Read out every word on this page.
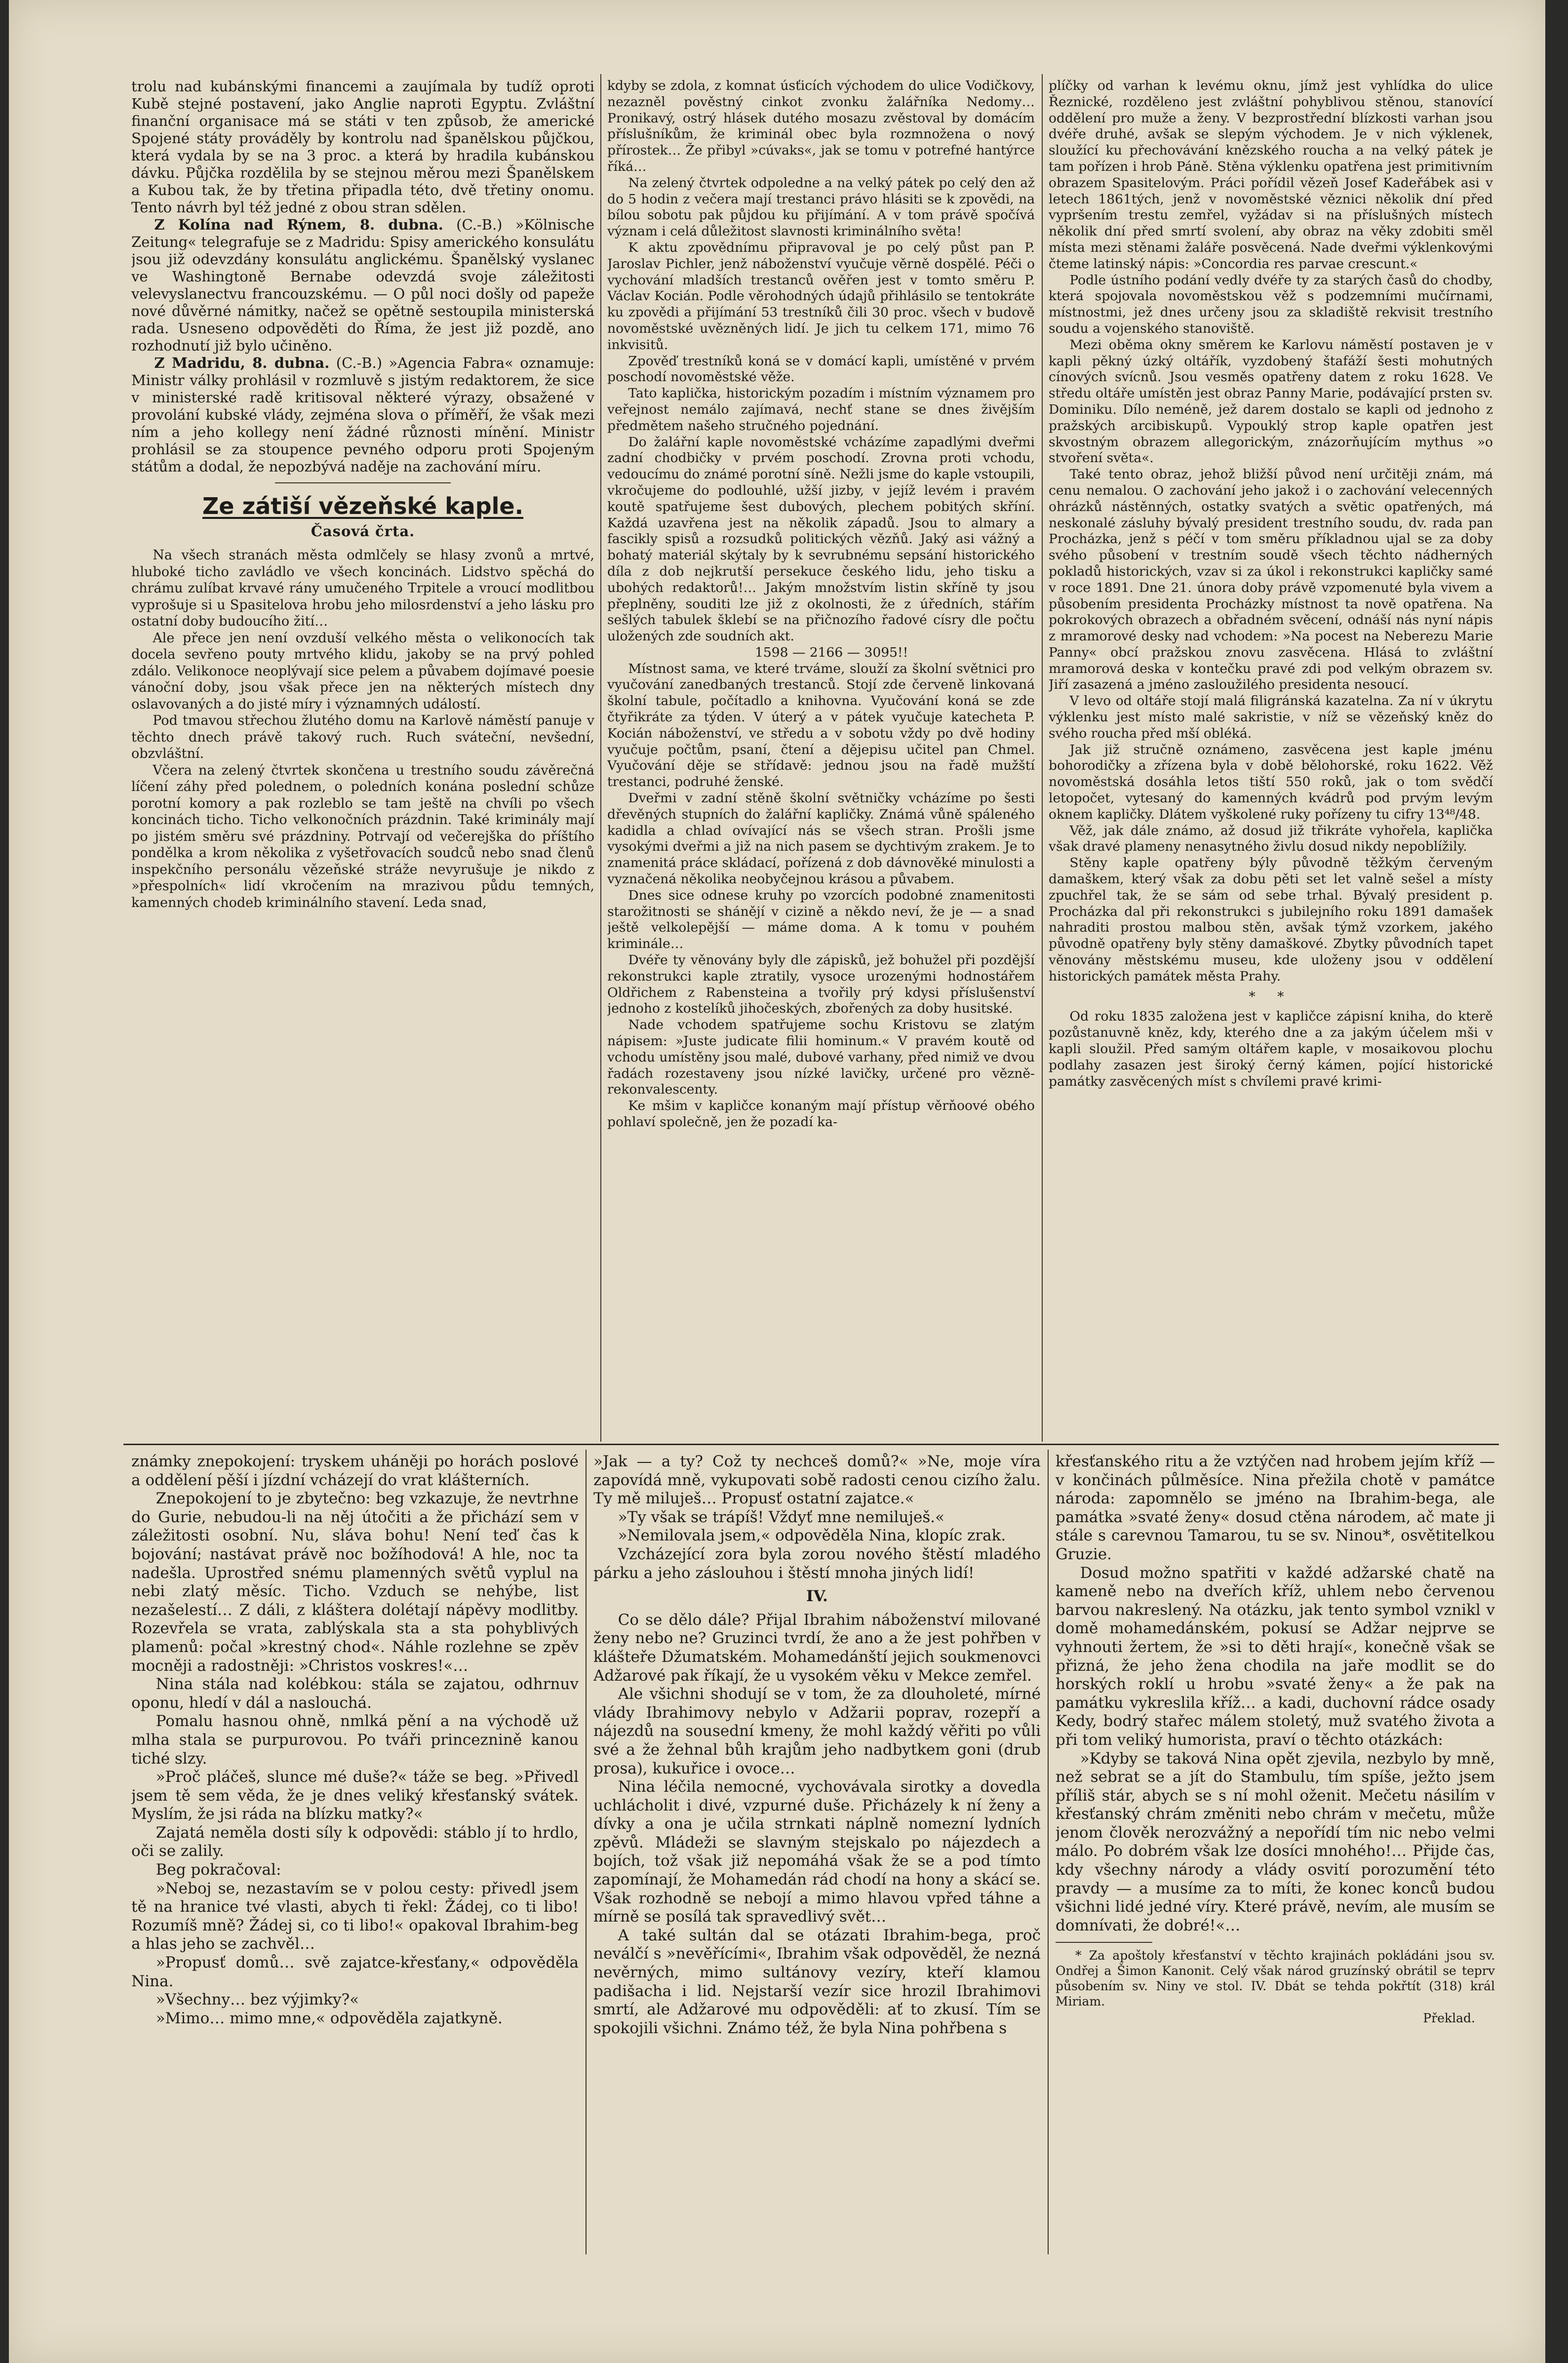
trolu nad kubánskými financemi a zaujímala by tudíž oproti Kubě stejné postavení, jako Anglie naproti Egyptu. Zvláštní finanční organisace má se státi v ten způsob, že americké Spojené státy prováděly by kontrolu nad španělskou půjčkou, která vydala by se na 3 proc. a která by hradila kubánskou dávku. Půjčka rozdělila by se stejnou měrou mezi Španělskem a Kubou tak, že by třetina připadla této, dvě třetiny onomu. Tento návrh byl též jedné z obou stran sdělen.

Z Kolína nad Rýnem, 8. dubna. (C.-B.) »Kölnische Zeitung« telegrafuje se z Madridu: Spisy amerického konsulátu jsou již odevzdány konsulátu anglickému. Španělský vyslanec ve Washingtoně Bernabe odevzdá svoje záležitosti velevyslanectvu francouzskému. — O půl noci došly od papeže nové důvěrné námitky, načež se opětně sestoupila ministerská rada. Usneseno odpověděti do Říma, že jest již pozdě, ano rozhodnutí již bylo učiněno.

Z Madridu, 8. dubna. (C.-B.) »Agencia Fabra« oznamuje: Ministr války prohlásil v rozmluvě s jistým redaktorem, že sice v ministerské radě kritisoval některé výrazy, obsažené v provolání kubské vlády, zejména slova o příměří, že však mezi ním a jeho kollegy není žádné různosti mínění. Ministr prohlásil se za stoupence pevného odporu proti Spojeným státům a dodal, že nepozbývá naděje na zachování míru.

Ze zátiší vězeňské kaple.
Časová črta.

Na všech stranách města odmlčely se hlasy zvonů a mrtvé, hluboké ticho zavládlo ve všech koncinách. Lidstvo spěchá do chrámu zulíbat krvavé rány umučeného Trpitele a vroucí modlitbou vyprošuje si u Spasitelova hrobu jeho milosrdenství a jeho lásku pro ostatní doby budoucího žití…

Ale přece jen není ovzduší velkého města o velikonocích tak docela sevřeno pouty mrtvého klidu, jakoby se na prvý pohled zdálo. Velikonoce neoplývají sice pelem a půvabem dojímavé poesie vánoční doby, jsou však přece jen na některých místech dny oslavovaných a do jisté míry i významných událostí.

Pod tmavou střechou žlutého domu na Karlově náměstí panuje v těchto dnech právě takový ruch. Ruch sváteční, nevšední, obzvláštní.

Včera na zelený čtvrtek skončena u trestního soudu závěrečná líčení záhy před polednem, o poledních konána poslední schůze porotní komory a pak rozleblo se tam ještě na chvíli po všech koncinách ticho. Ticho velkonočních prázdnin. Také kriminály mají po jistém směru své prázdniny. Potrvají od večerejška do příštího pondělka a krom několika z vyšetřovacích soudců nebo snad členů inspekčního personálu vězeňské stráže nevyrušuje je nikdo z »přespolních« lidí vkročením na mrazivou půdu temných, kamenných chodeb kriminálního stavení. Leda snad,

kdyby se zdola, z komnat úsťicích východem do ulice Vodičkovy, nezazněl pověstný cinkot zvonku žalářníka Nedomy… Pronikavý, ostrý hlásek dutého mosazu zvěstoval by domácím příslušníkům, že kriminál obec byla rozmnožena o nový přírostek… Že přibyl »cúvaks«, jak se tomu v potrefné hantýrce říká…

Na zelený čtvrtek odpoledne a na velký pátek po celý den až do 5 hodin z večera mají trestanci právo hlásiti se k zpovědi, na bílou sobotu pak půjdou ku přijímání. A v tom právě spočívá význam i celá důležitost slavnosti kriminálního světa!

K aktu zpovědnímu připravoval je po celý půst pan P. Jaroslav Pichler, jenž náboženství vyučuje věrně dospělé. Péči o vychování mladších trestanců ověřen jest v tomto směru P. Václav Kocián. Podle věrohodných údajů přihlásilo se tentokráte ku zpovědi a přijímání 53 trestníků čili 30 proc. všech v budově novoměstské uvězněných lidí. Je jich tu celkem 171, mimo 76 inkvisitů.

Zpověď trestníků koná se v domácí kapli, umístěné v prvém poschodí novoměstské věže.

Tato kaplička, historickým pozadím i místním významem pro veřejnost nemálo zajímavá, nechť stane se dnes živějším předmětem našeho stručného pojednání.

Do žalářní kaple novoměstské vcházíme zapadlými dveřmi zadní chodbičky v prvém poschodí. Zrovna proti vchodu, vedoucímu do známé porotní síně. Nežli jsme do kaple vstoupili, vkročujeme do podlouhlé, užší jizby, v jejíž levém i pravém koutě spatřujeme šest dubových, plechem pobitých skříní. Každá uzavřena jest na několik západů. Jsou to almary a fascikly spisů a rozsudků politických vězňů. Jaký asi vážný a bohatý materiál skýtaly by k sevrubnému sepsání historického díla z dob nejkrutší persekuce českého lidu, jeho tisku a ubohých redaktorů!… Jakým množstvím listin skříně ty jsou přeplněny, souditi lze již z okolnosti, že z úředních, stářím sešlých tabulek šklebí se na přičnozího řadové císry dle počtu uložených zde soudních akt.

1598 — 2166 — 3095!!

Místnost sama, ve které trváme, slouží za školní světnici pro vyučování zanedbaných trestanců. Stojí zde červeně linkovaná školní tabule, počítadlo a knihovna. Vyučování koná se zde čtyřikráte za týden. V úterý a v pátek vyučuje katecheta P. Kocián náboženství, ve středu a v sobotu vždy po dvě hodiny vyučuje počtům, psaní, čtení a dějepisu učitel pan Chmel. Vyučování děje se střídavě: jednou jsou na řadě mužští trestanci, podruhé ženské.

Dveřmi v zadní stěně školní světničky vcházíme po šesti dřevěných stupních do žalářní kapličky. Známá vůně spáleného kadidla a chlad ovívající nás se všech stran. Prošli jsme vysokými dveřmi a již na nich pasem se dychtivým zrakem. Je to znamenitá práce skládací, pořízená z dob dávnověké minulosti a vyznačená několika neobyčejnou krásou a půvabem.

Dnes sice odnese kruhy po vzorcích podobné znamenitosti starožitnosti se shánějí v cizině a někdo neví, že je — a snad ještě velkolepější — máme doma. A k tomu v pouhém kriminále…

Dvéře ty věnovány byly dle zápisků, jež bohužel při pozdější rekonstrukci kaple ztratily, vysoce urozenými hodnostářem Oldřichem z Rabensteina a tvořily prý kdysi příslušenství jednoho z kostelíků jihočeských, zbořených za doby husitské.

Nade vchodem spatřujeme sochu Kristovu se zlatým nápisem: »Juste judicate filii hominum.« V pravém koutě od vchodu umístěny jsou malé, dubové varhany, před nimiž ve dvou řadách rozestaveny jsou nízké lavičky, určené pro vězně-rekonvalescenty.

Ke mšim v kapličce konaným mají přístup věrňoové obého pohlaví společně, jen že pozadí ka-

plíčky od varhan k levému oknu, jímž jest vyhlídka do ulice Řeznické, rozděleno jest zvláštní pohyblivou stěnou, stanovící oddělení pro muže a ženy. V bezprostřední blízkosti varhan jsou dvéře druhé, avšak se slepým východem. Je v nich výklenek, sloužící ku přechovávání knězského roucha a na velký pátek je tam pořízen i hrob Páně. Stěna výklenku opatřena jest primitivním obrazem Spasitelovým. Práci pořídil vězeň Josef Kadeřábek asi v letech 1861tých, jenž v novoměstské věznici několik dní před vypršením trestu zemřel, vyžádav si na příslušných místech několik dní před smrtí svolení, aby obraz na věky zdobiti směl místa mezi stěnami žaláře posvěcená. Nade dveřmi výklenkovými čteme latinský nápis: »Concordia res parvae crescunt.«

Podle ústního podání vedly dvéře ty za starých časů do chodby, která spojovala novoměstskou věž s podzemními mučírnami, místnostmi, jež dnes určeny jsou za skladiště rekvisit trestního soudu a vojenského stanoviště.

Mezi oběma okny směrem ke Karlovu náměstí postaven je v kapli pěkný úzký oltářík, vyzdobený štafáží šesti mohutných cínových svícnů. Jsou vesměs opatřeny datem z roku 1628. Ve středu oltáře umístěn jest obraz Panny Marie, podávající prsten sv. Dominiku. Dílo neméně, jež darem dostalo se kapli od jednoho z pražských arcibiskupů. Vypouklý strop kaple opatřen jest skvostným obrazem allegorickým, znázorňujícím mythus »o stvoření světa«.

Také tento obraz, jehož bližší původ není určitěji znám, má cenu nemalou. O zachování jeho jakož i o zachování velecenných ohrázků nástěnných, ostatky svatých a světic opatřených, má neskonalé zásluhy bývalý president trestního soudu, dv. rada pan Procházka, jenž s péčí v tom směru příkladnou ujal se za doby svého působení v trestním soudě všech těchto nádherných pokladů historických, vzav si za úkol i rekonstrukci kapličky samé v roce 1891. Dne 21. února doby právě vzpomenuté byla vivem a působením presidenta Procházky místnost ta nově opatřena. Na pokrokových obrazech a obřadném svěcení, odnáší nás nyní nápis z mramorové desky nad vchodem: »Na pocest na Neberezu Marie Panny« obcí pražskou znovu zasvěcena. Hlásá to zvláštní mramorová deska v kontečku pravé zdi pod velkým obrazem sv. Jiří zasazená a jméno zasloužilého presidenta nesoucí.

V levo od oltáře stojí malá filigránská kazatelna. Za ní v úkrytu výklenku jest místo malé sakristie, v níž se vězeňský kněz do svého roucha před mší obléká.

Jak již stručně oznámeno, zasvěcena jest kaple jménu bohorodičky a zřízena byla v době bělohorské, roku 1622. Věž novoměstská dosáhla letos tiští 550 roků, jak o tom svědčí letopočet, vytesaný do kamenných kvádrů pod prvým levým oknem kapličky. Dlátem vyškolené ruky pořízeny tu cifry 13⁴⁸/48.

Věž, jak dále známo, až dosud již třikráte vyhořela, kaplička však dravé plameny nenasytného živlu dosud nikdy nepoblížily.

Stěny kaple opatřeny býly původně těžkým červeným damaškem, který však za dobu pěti set let valně sešel a místy zpuchřel tak, že se sám od sebe trhal. Bývalý president p. Procházka dal při rekonstrukci s jubilejního roku 1891 damašek nahraditi prostou malbou stěn, avšak týmž vzorkem, jakého původně opatřeny byly stěny damaškové. Zbytky původních tapet věnovány městskému museu, kde uloženy jsou v oddělení historických památek města Prahy.

* *

Od roku 1835 založena jest v kapličce zápisní kniha, do kterě pozůstanuvně kněz, kdy, kterého dne a za jakým účelem mši v kapli sloužil. Před samým oltářem kaple, v mosaikovou plochu podlahy zasazen jest široký černý kámen, pojící historické památky zasvěcených míst s chvílemi pravé krimi-

známky znepokojení: tryskem uháněji po horách poslové a oddělení pěší i jízdní vcházejí do vrat klášterních.

Znepokojení to je zbytečno: beg vzkazuje, že nevtrhne do Gurie, nebudou-li na něj útočiti a že přichází sem v záležitosti osobní. Nu, sláva bohu! Není teď čas k bojování; nastávat právě noc božíhodová! A hle, noc ta nadešla. Uprostřed snému plamenných světů vyplul na nebi zlatý měsíc. Ticho. Vzduch se nehýbe, list nezašelestí… Z dáli, z kláštera dolétají nápěvy modlitby. Rozevřela se vrata, zablýskala sta a sta pohyblivých plamenů: počal »krestný chod«. Náhle rozlehne se zpěv mocněji a radostněji: »Christos voskres!«…

Nina stála nad kolébkou: stála se zajatou, odhrnuv oponu, hledí v dál a naslouchá.

Pomalu hasnou ohně, nmlká pění a na východě už mlha stala se purpurovou. Po tváři princeznině kanou tiché slzy.

»Proč pláčeš, slunce mé duše?« táže se beg. »Přivedl jsem tě sem věda, že je dnes veliký křesťanský svátek. Myslím, že jsi ráda na blízku matky?«

Zajatá neměla dosti síly k odpovědi: stáblo jí to hrdlo, oči se zalily.

Beg pokračoval:

»Neboj se, nezastavím se v polou cesty: přivedl jsem tě na hranice tvé vlasti, abych ti řekl: Žádej, co ti libo! Rozumíš mně? Žádej si, co ti libo!« opakoval Ibrahim-beg a hlas jeho se zachvěl…

»Propusť domů… svě zajatce-křesťany,« odpověděla Nina.

»Všechny… bez výjimky?«

»Mimo… mimo mne,« odpověděla zajatkyně.

»Jak — a ty? Což ty nechceš domů?« »Ne, moje víra zapovídá mně, vykupovati sobě radosti cenou cizího žalu. Ty mě miluješ… Propusť ostatní zajatce.«

»Ty však se trápíš! Vždyť mne nemiluješ.«

»Nemilovala jsem,« odpověděla Nina, klopíc zrak.

Vzcházející zora byla zorou nového štěstí mladého párku a jeho záslouhou i štěstí mnoha jiných lidí!

IV.

Co se dělo dále? Přijal Ibrahim náboženství milované ženy nebo ne? Gruzinci tvrdí, že ano a že jest pohřben v klášteře Džumatském. Mohamedánští jejich soukmenovci Adžarové pak říkají, že u vysokém věku v Mekce zemřel.

Ale všichni shodují se v tom, že za dlouholeté, mírné vlády Ibrahimovy nebylo v Adžarii poprav, rozepří a nájezdů na sousední kmeny, že mohl každý věřiti po vůli své a že žehnal bůh krajům jeho nadbytkem goni (drub prosa), kukuřice i ovoce…

Nina léčila nemocné, vychovávala sirotky a dovedla uchlácholit i divé, vzpurné duše. Přicházely k ní ženy a dívky a ona je učila strnkati náplně nomezní lydních zpěvů. Mládeži se slavným stejskalo po nájezdech a bojích, tož však již nepomáhá však že se a pod tímto zapomínají, že Mohamedán rád chodí na hony a skácí se. Však rozhodně se nebojí a mimo hlavou vpřed táhne a mírně se posílá tak spravedlivý svět…

A také sultán dal se otázati Ibrahim-bega, proč neválčí s »nevěřícími«, Ibrahim však odpověděl, že nezná nevěrných, mimo sultánovy vezíry, kteří klamou padišacha i lid. Nejstarší vezír sice hrozil Ibrahimovi smrtí, ale Adžarové mu odpověděli: ať to zkusí. Tím se spokojili všichni. Známo též, že byla Nina pohřbena s

křesťanského ritu a že vztýčen nad hrobem jejím kříž — v končinách půlměsíce. Nina přežila chotě v památce národa: zapomnělo se jméno na Ibrahim-bega, ale památka »svaté ženy« dosud ctěna národem, ač mate ji stále s carevnou Tamarou, tu se sv. Ninou*, osvětitelkou Gruzie.

Dosud možno spatřiti v každé adžarské chatě na kameně nebo na dveřích kříž, uhlem nebo červenou barvou nakreslený. Na otázku, jak tento symbol vznikl v domě mohamedánském, pokusí se Adžar nejprve se vyhnouti žertem, že »si to děti hrají«, konečně však se přizná, že jeho žena chodila na jaře modlit se do horských roklí u hrobu »svaté ženy« a že pak na památku vykreslila kříž… a kadi, duchovní rádce osady Kedy, bodrý stařec málem stoletý, muž svatého života a při tom veliký humorista, praví o těchto otázkách:

»Kdyby se taková Nina opět zjevila, nezbylo by mně, než sebrat se a jít do Stambulu, tím spíše, ježto jsem příliš stár, abych se s ní mohl oženit. Mečetu násilím v křesťanský chrám změniti nebo chrám v mečetu, může jenom člověk nerozvážný a nepořídí tím nic nebo velmi málo. Po dobrém však lze dosíci mnohého!… Přijde čas, kdy všechny národy a vlády osvití porozumění této pravdy — a musíme za to míti, že konec konců budou všichni lidé jedné víry. Které právě, nevím, ale musím se domnívati, že dobré!«…

* Za apoštoly křesťanství v těchto krajinách pokládáni jsou sv. Ondřej a Šimon Kanonit. Celý však národ gruzínský obrátil se teprv působením sv. Niny ve stol. IV. Dbát se tehda pokřtít (318) král Miriam.

Překlad.
